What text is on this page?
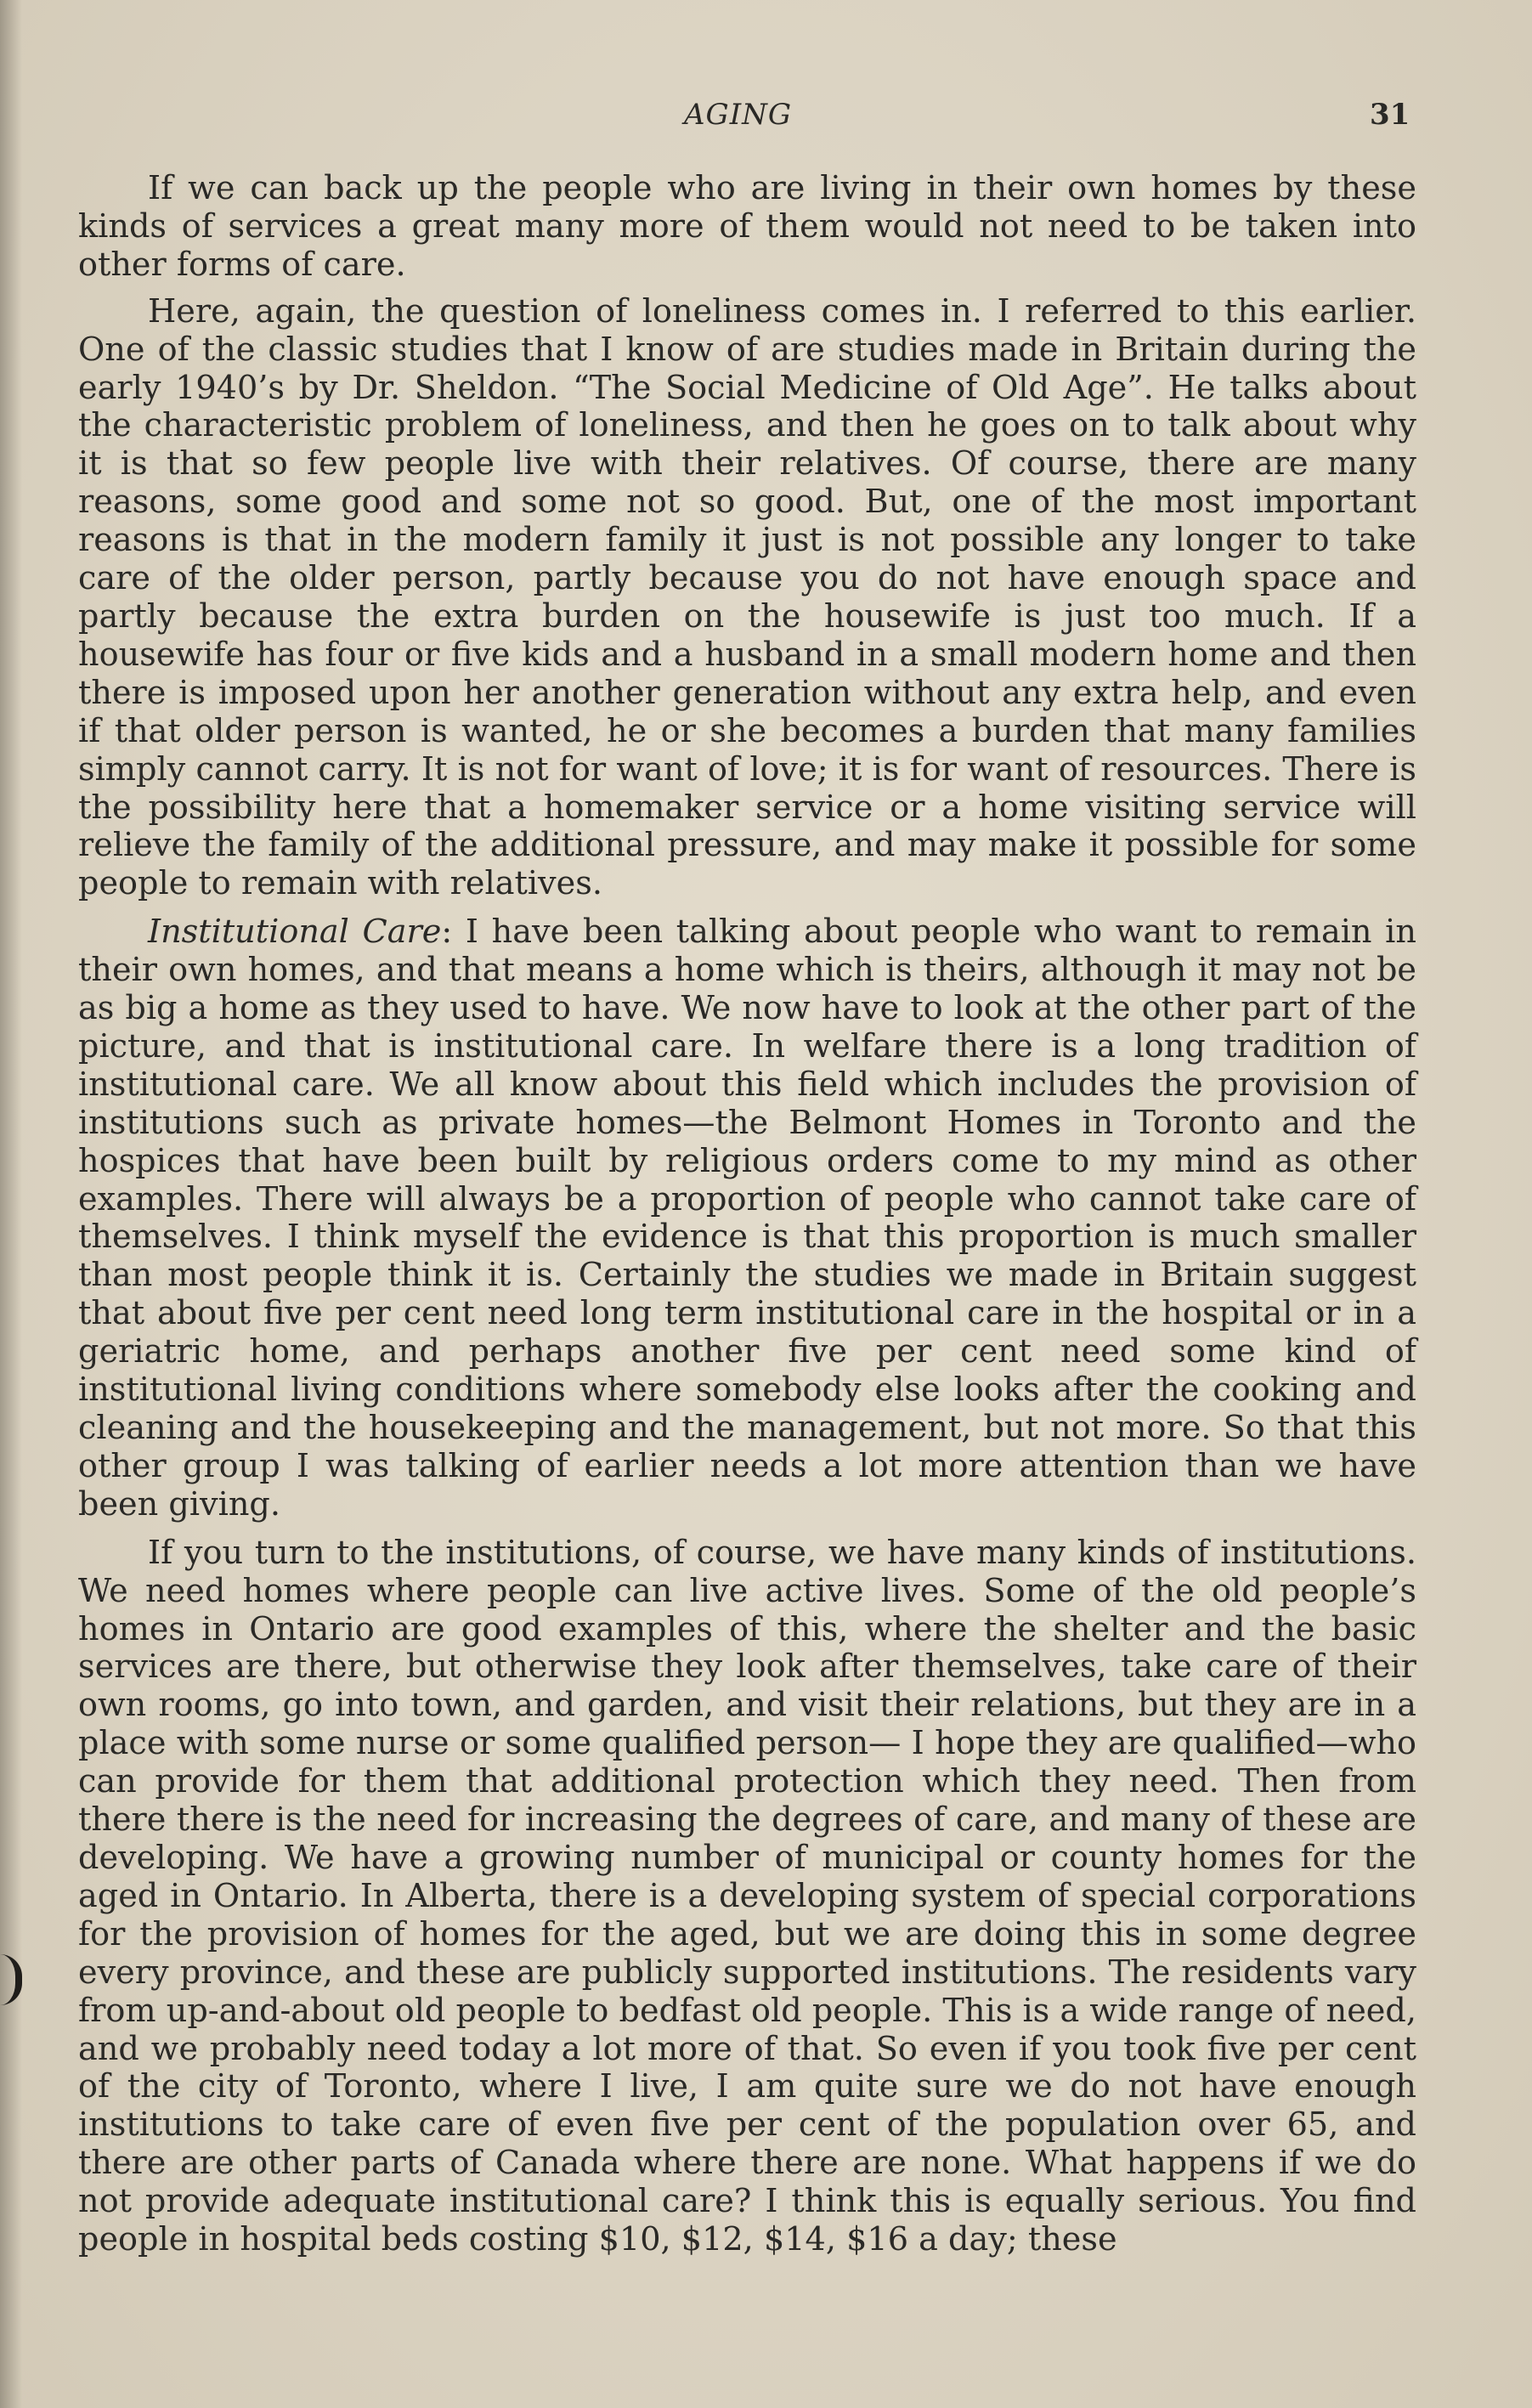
AGING	31

If we can back up the people who are living in their own homes by these kinds of services a great many more of them would not need to be taken into other forms of care.

Here, again, the question of loneliness comes in. I referred to this earlier. One of the classic studies that I know of are studies made in Britain during the early 1940’s by Dr. Sheldon. “The Social Medicine of Old Age”. He talks about the characteristic problem of loneliness, and then he goes on to talk about why it is that so few people live with their relatives. Of course, there are many reasons, some good and some not so good. But, one of the most important reasons is that in the modern family it just is not possible any longer to take care of the older person, partly because you do not have enough space and partly because the extra burden on the housewife is just too much. If a housewife has four or five kids and a husband in a small modern home and then there is imposed upon her another generation without any extra help, and even if that older person is wanted, he or she becomes a burden that many families simply cannot carry. It is not for want of love; it is for want of resources. There is the possibility here that a homemaker service or a home visiting service will relieve the family of the additional pressure, and may make it possible for some people to remain with relatives.

Institutional Care: I have been talking about people who want to remain in their own homes, and that means a home which is theirs, although it may not be as big a home as they used to have. We now have to look at the other part of the picture, and that is institutional care. In welfare there is a long tradition of institutional care. We all know about this field which includes the provision of institutions such as private homes—the Belmont Homes in Toronto and the hospices that have been built by religious orders come to my mind as other examples. There will always be a proportion of people who cannot take care of themselves. I think myself the evidence is that this proportion is much smaller than most people think it is. Certainly the studies we made in Britain suggest that about five per cent need long term institutional care in the hospital or in a geriatric home, and perhaps another five per cent need some kind of institutional living conditions where somebody else looks after the cooking and cleaning and the housekeeping and the management, but not more. So that this other group I was talking of earlier needs a lot more attention than we have been giving.

If you turn to the institutions, of course, we have many kinds of institutions. We need homes where people can live active lives. Some of the old people’s homes in Ontario are good examples of this, where the shelter and the basic services are there, but otherwise they look after themselves, take care of their own rooms, go into town, and garden, and visit their relations, but they are in a place with some nurse or some qualified person— I hope they are qualified—who can provide for them that additional protection which they need. Then from there there is the need for increasing the degrees of care, and many of these are developing. We have a growing number of municipal or county homes for the aged in Ontario. In Alberta, there is a developing system of special corporations for the provision of homes for the aged, but we are doing this in some degree every province, and these are publicly supported institutions. The residents vary from up-and-about old people to bedfast old people. This is a wide range of need, and we probably need today a lot more of that. So even if you took five per cent of the city of Toronto, where I live, I am quite sure we do not have enough institutions to take care of even five per cent of the population over 65, and there are other parts of Canada where there are none. What happens if we do not provide adequate institutional care? I think this is equally serious. You find people in hospital beds costing $10, $12, $14, $16 a day; these
